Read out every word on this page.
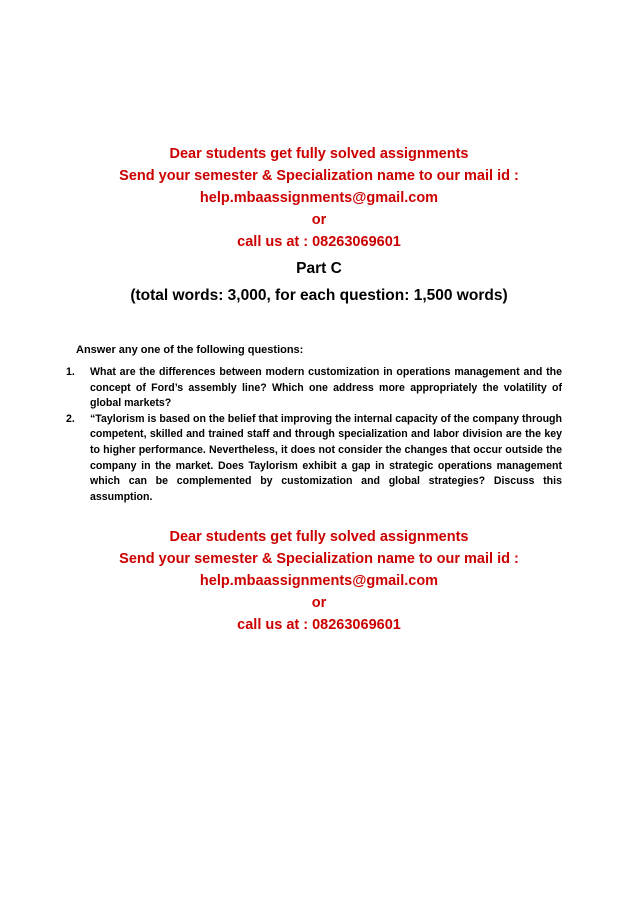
Dear students get fully solved assignments
Send your semester & Specialization name to our mail id :
help.mbaassignments@gmail.com
or
call us at : 08263069601
Part C
(total words: 3,000, for each question: 1,500 words)
Answer any one of the following questions:
1. What are the differences between modern customization in operations management and the concept of Ford’s assembly line? Which one address more appropriately the volatility of global markets?
2. “Taylorism is based on the belief that improving the internal capacity of the company through competent, skilled and trained staff and through specialization and labor division are the key to higher performance. Nevertheless, it does not consider the changes that occur outside the company in the market. Does Taylorism exhibit a gap in strategic operations management which can be complemented by customization and global strategies? Discuss this assumption.
Dear students get fully solved assignments
Send your semester & Specialization name to our mail id :
help.mbaassignments@gmail.com
or
call us at : 08263069601
